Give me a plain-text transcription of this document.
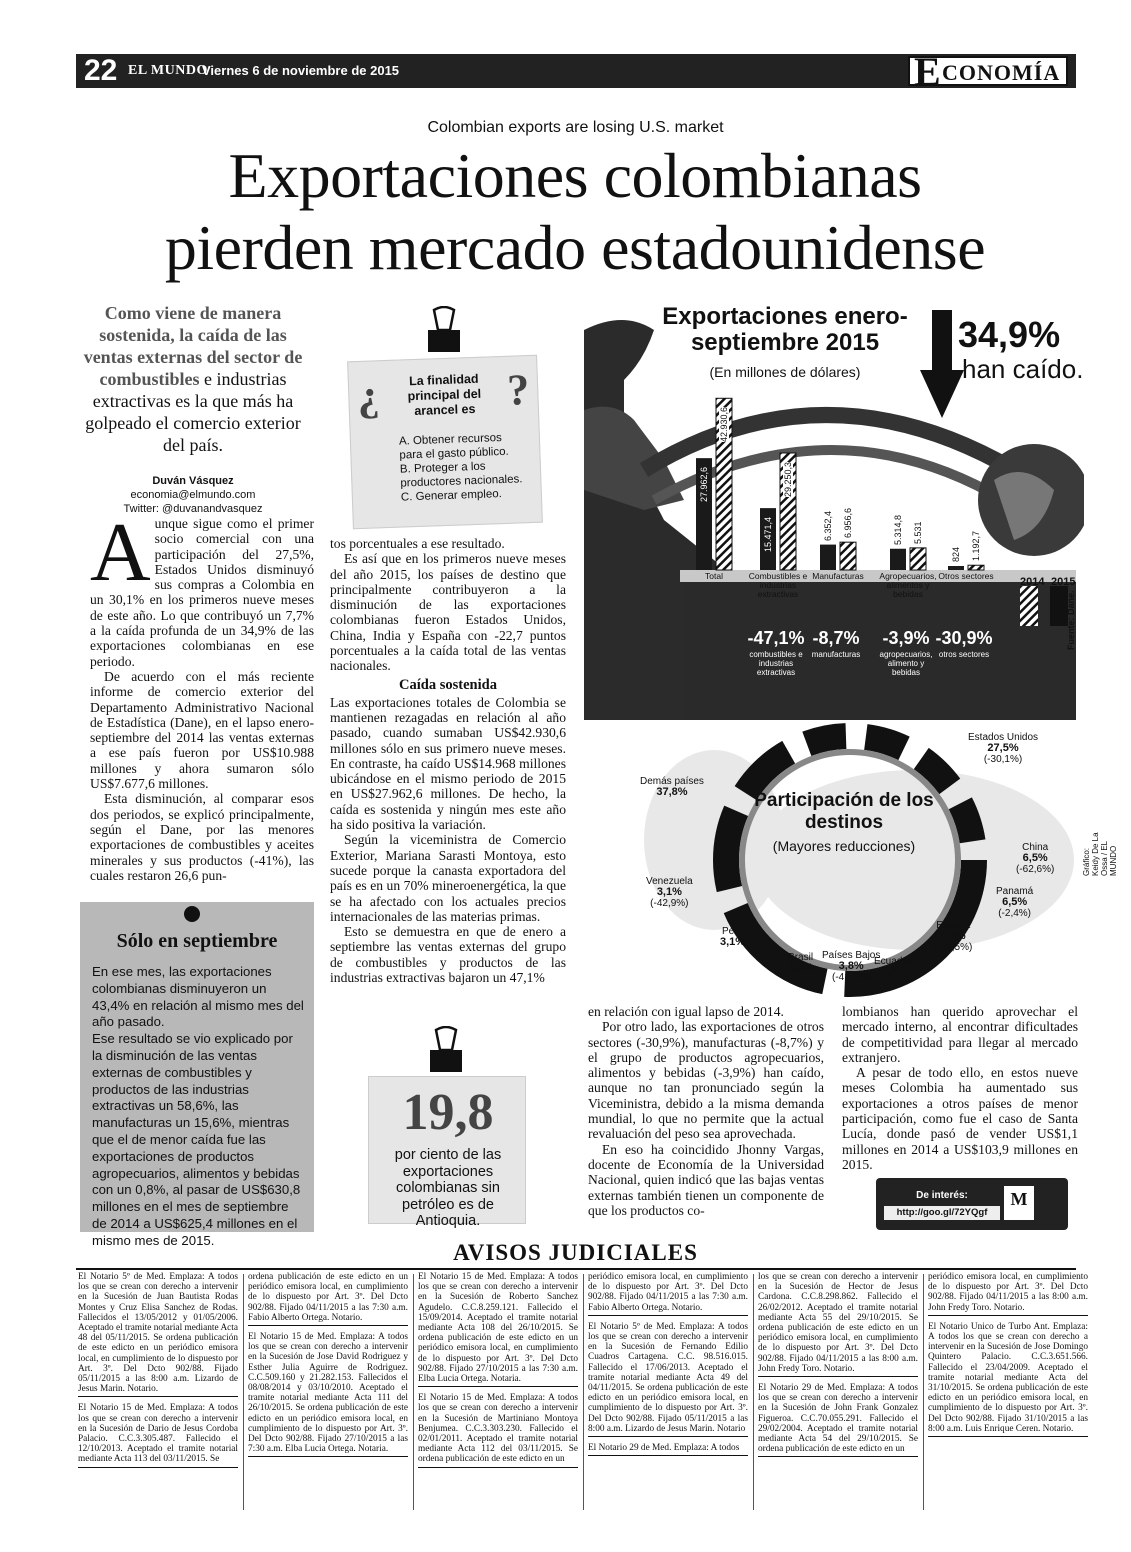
22 EL MUNDO
Viernes 6 de noviembre de 2015	E CONOMÍA
Colombian exports are losing U.S. market
Exportaciones colombianas
pierden mercado estadounidense
Como viene de manera sostenida, la caída de las ventas externas del sector de combustibles e industrias extractivas es la que más ha golpeado el comercio exterior del país.
Duván Vásquez
economia@elmundo.com
Twitter: @duvanandvasquez

Aunque sigue como el primer socio comercial con una participación del 27,5%, Estados Unidos disminuyó sus compras a Colombia en un 30,1% en los primeros nueve meses de este año. Lo que contribuyó un 7,7% a la caída profunda de un 34,9% de las exportaciones colombianas en ese periodo.

De acuerdo con el más reciente informe de comercio exterior del Departamento Administrativo Nacional de Estadística (Dane), en el lapso enero-septiembre del 2014 las ventas externas a ese país fueron por US$10.988 millones y ahora sumaron sólo US$7.677,6 millones.

Esta disminución, al comparar esos dos periodos, se explicó principalmente, según el Dane, por las menores exportaciones de combustibles y aceites minerales y sus productos (-41%), las cuales restaron 26,6 pun-

Sólo en septiembre

En ese mes, las exportaciones colombianas disminuyeron un 43,4% en relación al mismo mes del año pasado.

Ese resultado se vio explicado por la disminución de las ventas externas de combustibles y productos de las industrias extractivas un 58,6%, las manufacturas un 15,6%, mientras que el de menor caída fue las exportaciones de productos agropecuarios, alimentos y bebidas con un 0,8%, al pasar de US$630,8 millones en el mes de septiembre de 2014 a US$625,4 millones en el mismo mes de 2015.

¿	?
La finalidad principal del arancel es
A. Obtener recursos para el gasto público.
B. Proteger a los productores nacionales.
C. Generar empleo.

tos porcentuales a ese resultado.

Es así que en los primeros nueve meses del año 2015, los países de destino que principalmente contribuyeron a la disminución de las exportaciones colombianas fueron Estados Unidos, China, India y España con -22,7 puntos porcentuales a la caída total de las ventas nacionales.

Caída sostenida

Las exportaciones totales de Colombia se mantienen rezagadas en relación al año pasado, cuando sumaban US$42.930,6 millones sólo en sus primero nueve meses. En contraste, ha caído US$14.968 millones ubicándose en el mismo periodo de 2015 en US$27.962,6 millones. De hecho, la caída es sostenida y ningún mes este año ha sido positiva la variación.

Según la viceministra de Comercio Exterior, Mariana Sarasti Montoya, esto sucede porque la canasta exportadora del país es en un 70% mineroenergética, la que se ha afectado con los actuales precios internacionales de las materias primas.

Esto se demuestra en que de enero a septiembre las ventas externas del grupo de combustibles y productos de las industrias extractivas bajaron un 47,1%

19,8
por ciento de las exportaciones colombianas sin petróleo es de Antioquia.
Exportaciones enero-septiembre 2015
(En millones de dólares)
34,9%
han caído.
2014 2015
Fuente: Dane.
Gráfico: Keidy De La Ossa / EL MUNDO
27.962,6
42.930,6
Total
15.471,4
29.250,3
Combustibles e industrias extractivas
-47,1%
combustibles e industrias extractivas
6.352,4 6.956,6
Manufacturas
-8,7%
manufacturas
5.314,8 5.531
Agropecuarios, alimentos y bebidas
-3,9%
agropecuarios, alimento y bebidas
824 1.192,7
Otros sectores
-30,9%
otros sectores
Participación de los destinos
(Mayores reducciones)
Estados Unidos
27,5%
(-30,1%)
Demás países
37,8%
China
6,5%
(-62,6%)
Panamá
6,5%
(-2,4%)
España
4,5%
(-53,5%)
Ecuador
3,9%
Países Bajos
3,8%
(-41,1%)
Brasil
3,3%
Perú
3,1%
Venezuela
3,1%
(-42,9%)

en relación con igual lapso de 2014.

Por otro lado, las exportaciones de otros sectores (-30,9%), manufacturas (-8,7%) y el grupo de productos agropecuarios, alimentos y bebidas (-3,9%) han caído, aunque no tan pronunciado según la Viceministra, debido a la misma demanda mundial, lo que no permite que la actual revaluación del peso sea aprovechada.

En eso ha coincidido Jhonny Vargas, docente de Economía de la Universidad Nacional, quien indicó que las bajas ventas externas también tienen un componente de que los productos co-

lombianos han querido aprovechar el mercado interno, al encontrar dificultades de competitividad para llegar al mercado extranjero.

A pesar de todo ello, en estos nueve meses Colombia ha aumentado sus exportaciones a otros países de menor participación, como fue el caso de Santa Lucía, donde pasó de vender US$1,1 millones en 2014 a US$103,9 millones en 2015.

De interés:
http://goo.gl/72YQgf
M
AVISOS JUDICIALES

El Notario 5º de Med. Emplaza: A todos los que se crean con derecho a intervenir en la Sucesión de Juan Bautista Rodas Montes y Cruz Elisa Sanchez de Rodas. Fallecidos el 13/05/2012 y 01/05/2006. Aceptado el tramite notarial mediante Acta 48 del 05/11/2015. Se ordena publicación de este edicto en un periódico emisora local, en cumplimiento de lo dispuesto por Art. 3º. Del Dcto 902/88. Fijado 05/11/2015 a las 8:00 a.m. Lizardo de Jesus Marin. Notario.

El Notario 15 de Med. Emplaza: A todos los que se crean con derecho a intervenir en la Sucesión de Dario de Jesus Cordoba Palacio. C.C.3.305.487. Fallecido el 12/10/2013. Aceptado el tramite notarial mediante Acta 113 del 03/11/2015. Se

ordena publicación de este edicto en un periódico emisora local, en cumplimiento de lo dispuesto por Art. 3º. Del Dcto 902/88. Fijado 04/11/2015 a las 7:30 a.m. Fabio Alberto Ortega. Notario.

El Notario 15 de Med. Emplaza: A todos los que se crean con derecho a intervenir en la Sucesión de Jose David Rodriguez y Esther Julia Aguirre de Rodriguez. C.C.509.160 y 21.282.153. Fallecidos el 08/08/2014 y 03/10/2010. Aceptado el tramite notarial mediante Acta 111 del 26/10/2015. Se ordena publicación de este edicto en un periódico emisora local, en cumplimiento de lo dispuesto por Art. 3º. Del Dcto 902/88. Fijado 27/10/2015 a las 7:30 a.m. Elba Lucia Ortega. Notaria.

El Notario 15 de Med. Emplaza: A todos los que se crean con derecho a intervenir en la Sucesión de Roberto Sanchez Agudelo. C.C.8.259.121. Fallecido el 15/09/2014. Aceptado el tramite notarial mediante Acta 108 del 26/10/2015. Se ordena publicación de este edicto en un periódico emisora local, en cumplimiento de lo dispuesto por Art. 3º. Del Dcto 902/88. Fijado 27/10/2015 a las 7:30 a.m. Elba Lucia Ortega. Notaria.

El Notario 15 de Med. Emplaza: A todos los que se crean con derecho a intervenir en la Sucesión de Martiniano Montoya Benjumea. C.C.3.303.230. Fallecido el 02/01/2011. Aceptado el tramite notarial mediante Acta 112 del 03/11/2015. Se ordena publicación de este edicto en un

periódico emisora local, en cumplimiento de lo dispuesto por Art. 3º. Del Dcto 902/88. Fijado 04/11/2015 a las 7:30 a.m. Fabio Alberto Ortega. Notario.

El Notario 5º de Med. Emplaza: A todos los que se crean con derecho a intervenir en la Sucesión de Fernando Edilio Cuadros Cartagena. C.C. 98.516.015. Fallecido el 17/06/2013. Aceptado el tramite notarial mediante Acta 49 del 04/11/2015. Se ordena publicación de este edicto en un periódico emisora local, en cumplimiento de lo dispuesto por Art. 3º. Del Dcto 902/88. Fijado 05/11/2015 a las 8:00 a.m. Lizardo de Jesus Marin. Notario

El Notario 29 de Med. Emplaza: A todos

los que se crean con derecho a intervenir en la Sucesión de Hector de Jesus Cardona. C.C.8.298.862. Fallecido el 26/02/2012. Aceptado el tramite notarial mediante Acta 55 del 29/10/2015. Se ordena publicación de este edicto en un periódico emisora local, en cumplimiento de lo dispuesto por Art. 3º. Del Dcto 902/88. Fijado 04/11/2015 a las 8:00 a.m. John Fredy Toro. Notario.

El Notario 29 de Med. Emplaza: A todos los que se crean con derecho a intervenir en la Sucesión de John Frank Gonzalez Figueroa. C.C.70.055.291. Fallecido el 29/02/2004. Aceptado el tramite notarial mediante Acta 54 del 29/10/2015. Se ordena publicación de este edicto en un

periódico emisora local, en cumplimiento de lo dispuesto por Art. 3º. Del Dcto 902/88. Fijado 04/11/2015 a las 8:00 a.m. John Fredy Toro. Notario.

El Notario Unico de Turbo Ant. Emplaza: A todos los que se crean con derecho a intervenir en la Sucesión de Jose Domingo Quintero Palacio. C.C.3.651.566. Fallecido el 23/04/2009. Aceptado el tramite notarial mediante Acta del 31/10/2015. Se ordena publicación de este edicto en un periódico emisora local, en cumplimiento de lo dispuesto por Art. 3º. Del Dcto 902/88. Fijado 31/10/2015 a las 8:00 a.m. Luis Enrique Ceren. Notario.
